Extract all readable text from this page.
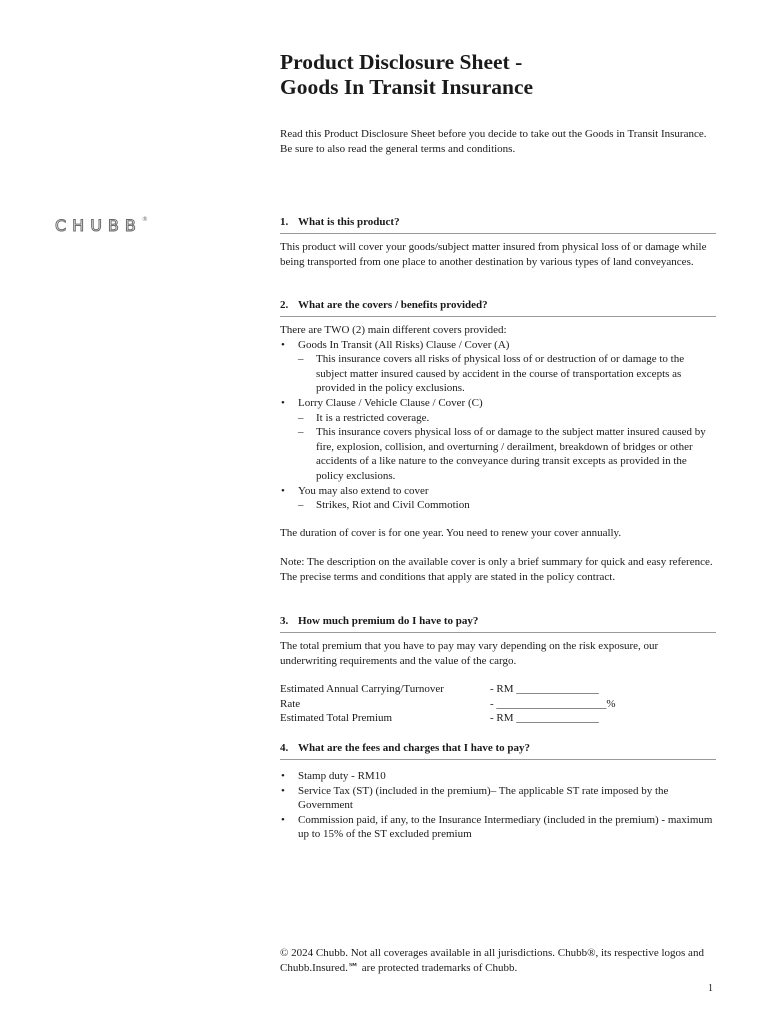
CHUBB®
Product Disclosure Sheet -
Goods In Transit Insurance

Read this Product Disclosure Sheet before you decide to take out the Goods in Transit Insurance. Be sure to also read the general terms and conditions.

1. What is this product?

This product will cover your goods/subject matter insured from physical loss of or damage while being transported from one place to another destination by various types of land conveyances.

2. What are the covers / benefits provided?

There are TWO (2) main different covers provided:

• Goods In Transit (All Risks) Clause / Cover (A)
– This insurance covers all risks of physical loss of or destruction of or damage to the subject matter insured caused by accident in the course of transportation excepts as provided in the policy exclusions.
• Lorry Clause / Vehicle Clause / Cover (C)
– It is a restricted coverage.
– This insurance covers physical loss of or damage to the subject matter insured caused by fire, explosion, collision, and overturning / derailment, breakdown of bridges or other accidents of a like nature to the conveyance during transit excepts as provided in the policy exclusions.
• You may also extend to cover
– Strikes, Riot and Civil Commotion

The duration of cover is for one year. You need to renew your cover annually.

Note: The description on the available cover is only a brief summary for quick and easy reference. The precise terms and conditions that apply are stated in the policy contract.

3. How much premium do I have to pay?

The total premium that you have to pay may vary depending on the risk exposure, our underwriting requirements and the value of the cargo.

Estimated Annual Carrying/Turnover	- RM _______________
Rate	- ____________________%
Estimated Total Premium	- RM _______________
4. What are the fees and charges that I have to pay?
• Stamp duty - RM10
• Service Tax (ST) (included in the premium)– The applicable ST rate imposed by the Government
• Commission paid, if any, to the Insurance Intermediary (included in the premium) - maximum up to 15% of the ST excluded premium

© 2024 Chubb. Not all coverages available in all jurisdictions. Chubb®, its respective logos and Chubb.Insured.℠ are protected trademarks of Chubb.

1
